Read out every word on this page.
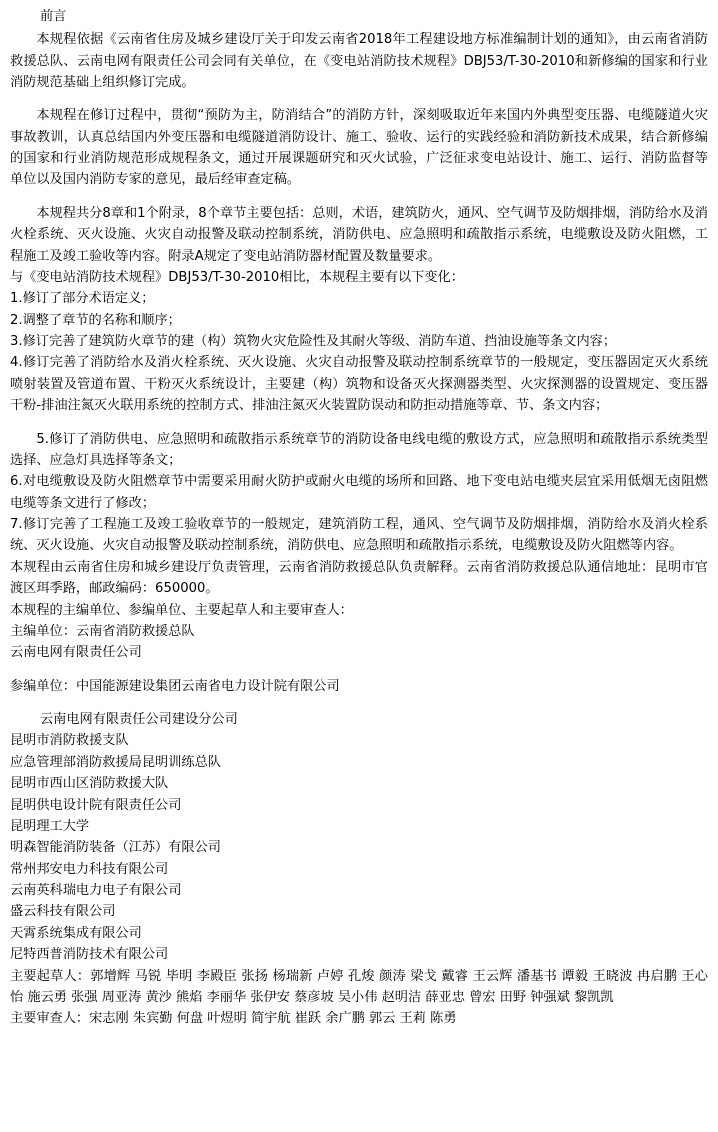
前言

本规程依据《云南省住房及城乡建设厅关于印发云南省2018年工程建设地方标准编制计划的通知》，由云南省消防救援总队、云南电网有限责任公司会同有关单位，在《变电站消防技术规程》DBJ53/T-30-2010和新修编的国家和行业消防规范基础上组织修订完成。

本规程在修订过程中，贯彻“预防为主，防消结合”的消防方针，深刻吸取近年来国内外典型变压器、电缆隧道火灾事故教训，认真总结国内外变压器和电缆隧道消防设计、施工、验收、运行的实践经验和消防新技术成果，结合新修编的国家和行业消防规范形成规程条文，通过开展课题研究和灭火试验，广泛征求变电站设计、施工、运行、消防监督等单位以及国内消防专家的意见，最后经审查定稿。

本规程共分8章和1个附录，8个章节主要包括：总则，术语，建筑防火，通风、空气调节及防烟排烟，消防给水及消火栓系统、灭火设施、火灾自动报警及联动控制系统，消防供电、应急照明和疏散指示系统，电缆敷设及防火阻燃，工程施工及竣工验收等内容。附录A规定了变电站消防器材配置及数量要求。

与《变电站消防技术规程》DBJ53/T-30-2010相比，本规程主要有以下变化：

1.修订了部分术语定义；

2.调整了章节的名称和顺序；

3.修订完善了建筑防火章节的建（构）筑物火灾危险性及其耐火等级、消防车道、挡油设施等条文内容；

4.修订完善了消防给水及消火栓系统、灭火设施、火灾自动报警及联动控制系统章节的一般规定，变压器固定灭火系统喷射装置及管道布置、干粉灭火系统设计，主要建（构）筑物和设备灭火探测器类型、火灾探测器的设置规定、变压器干粉-排油注氮灭火联用系统的控制方式、排油注氮灭火装置防误动和防拒动措施等章、节、条文内容；

5.修订了消防供电、应急照明和疏散指示系统章节的消防设备电线电缆的敷设方式，应急照明和疏散指示系统类型选择、应急灯具选择等条文；

6.对电缆敷设及防火阻燃章节中需要采用耐火防护或耐火电缆的场所和回路、地下变电站电缆夹层宜采用低烟无卤阻燃电缆等条文进行了修改；

7.修订完善了工程施工及竣工验收章节的一般规定，建筑消防工程，通风、空气调节及防烟排烟，消防给水及消火栓系统、灭火设施、火灾自动报警及联动控制系统，消防供电、应急照明和疏散指示系统，电缆敷设及防火阻燃等内容。

本规程由云南省住房和城乡建设厅负责管理，云南省消防救援总队负责解释。云南省消防救援总队通信地址：昆明市官渡区珥季路，邮政编码：650000。

本规程的主编单位、参编单位、主要起草人和主要审查人：

主编单位：云南省消防救援总队

云南电网有限责任公司

参编单位：中国能源建设集团云南省电力设计院有限公司

云南电网有限责任公司建设分公司

昆明市消防救援支队

应急管理部消防救援局昆明训练总队

昆明市西山区消防救援大队

昆明供电设计院有限责任公司

昆明理工大学

明森智能消防装备（江苏）有限公司

常州邦安电力科技有限公司

云南英科瑞电力电子有限公司

盛云科技有限公司

天霄系统集成有限公司

尼特西普消防技术有限公司

主要起草人：郭增辉 马锐 毕明 李殿臣 张扬 杨瑞新 卢婷 孔焌 颜涛 梁戈 戴睿 王云辉 潘基书 谭毅 王晓波 冉启鹏 王心怡 施云勇 张强 周亚涛 黄沙 熊焰 李丽华 张伊安 蔡彦坡 吴小伟 赵明洁 薛亚忠 曾宏 田野 钟强斌 黎凯凯

主要审查人：宋志刚 朱宾勤 何盘 叶煜明 简宇航 崔跃 余广鹏 郭云 王莉 陈勇
